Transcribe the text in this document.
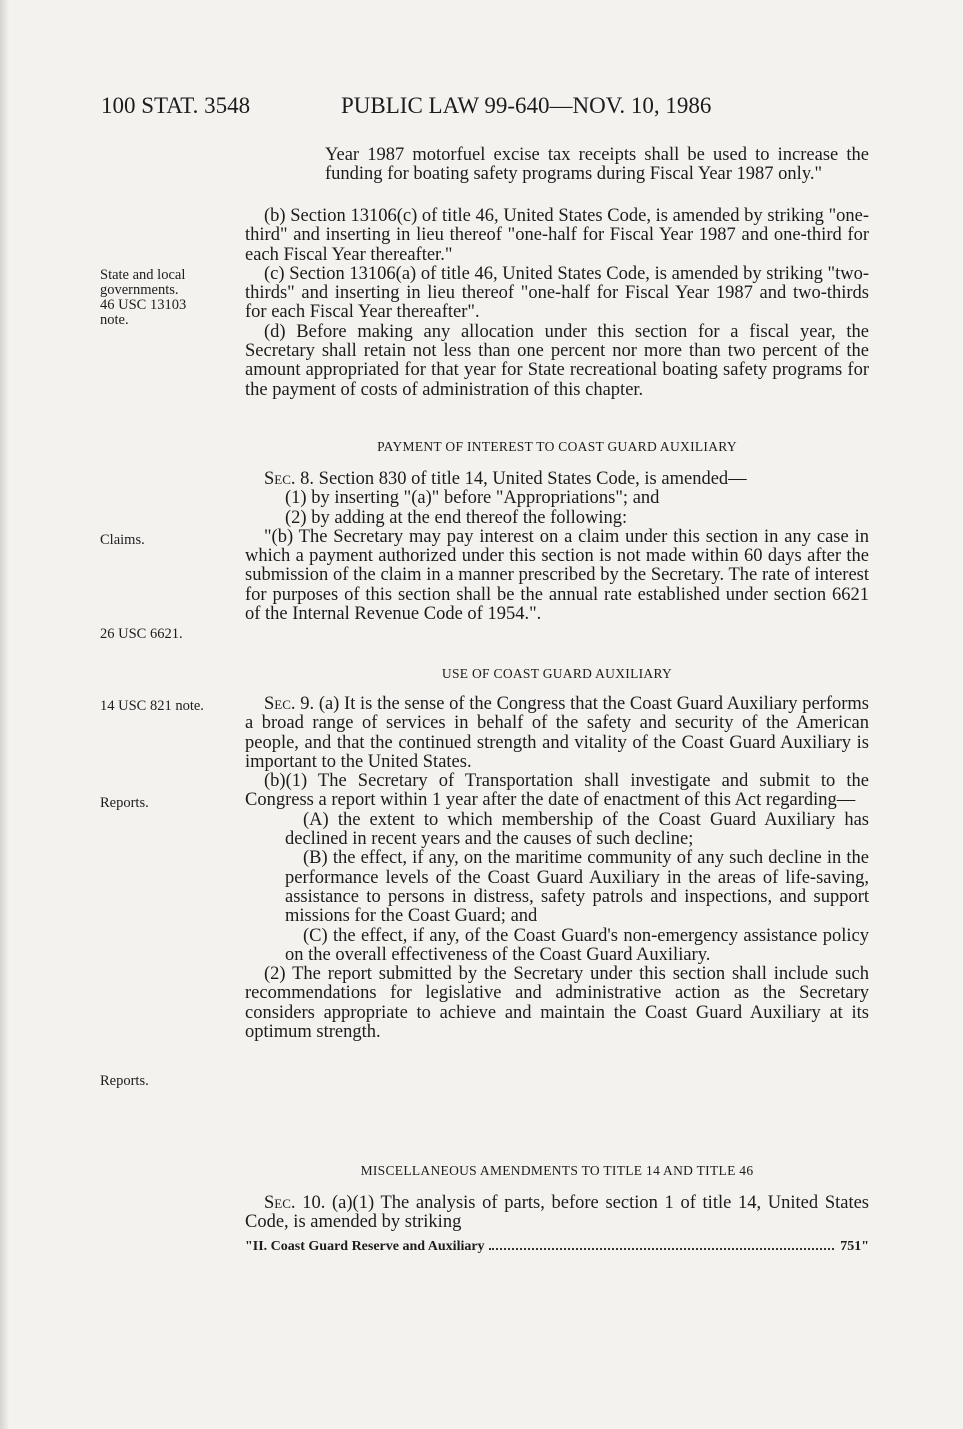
100 STAT. 3548	PUBLIC LAW 99-640—NOV. 10, 1986
State and local
governments.
46 USC 13103
note.
Claims.
26 USC 6621.
14 USC 821 note.
Reports.
Reports.

Year 1987 motorfuel excise tax receipts shall be used to increase the funding for boating safety programs during Fiscal Year 1987 only."

(b) Section 13106(c) of title 46, United States Code, is amended by striking "one-third" and inserting in lieu thereof "one-half for Fiscal Year 1987 and one-third for each Fiscal Year thereafter."

(c) Section 13106(a) of title 46, United States Code, is amended by striking "two-thirds" and inserting in lieu thereof "one-half for Fiscal Year 1987 and two-thirds for each Fiscal Year thereafter".

(d) Before making any allocation under this section for a fiscal year, the Secretary shall retain not less than one percent nor more than two percent of the amount appropriated for that year for State recreational boating safety programs for the payment of costs of administration of this chapter.

PAYMENT OF INTEREST TO COAST GUARD AUXILIARY

Sec. 8. Section 830 of title 14, United States Code, is amended—

(1) by inserting "(a)" before "Appropriations"; and

(2) by adding at the end thereof the following:

"(b) The Secretary may pay interest on a claim under this section in any case in which a payment authorized under this section is not made within 60 days after the submission of the claim in a manner prescribed by the Secretary. The rate of interest for purposes of this section shall be the annual rate established under section 6621 of the Internal Revenue Code of 1954.".

USE OF COAST GUARD AUXILIARY

Sec. 9. (a) It is the sense of the Congress that the Coast Guard Auxiliary performs a broad range of services in behalf of the safety and security of the American people, and that the continued strength and vitality of the Coast Guard Auxiliary is important to the United States.

(b)(1) The Secretary of Transportation shall investigate and submit to the Congress a report within 1 year after the date of enactment of this Act regarding—

(A) the extent to which membership of the Coast Guard Auxiliary has declined in recent years and the causes of such decline;

(B) the effect, if any, on the maritime community of any such decline in the performance levels of the Coast Guard Auxiliary in the areas of life-saving, assistance to persons in distress, safety patrols and inspections, and support missions for the Coast Guard; and

(C) the effect, if any, of the Coast Guard's non-emergency assistance policy on the overall effectiveness of the Coast Guard Auxiliary.

(2) The report submitted by the Secretary under this section shall include such recommendations for legislative and administrative action as the Secretary considers appropriate to achieve and maintain the Coast Guard Auxiliary at its optimum strength.

MISCELLANEOUS AMENDMENTS TO TITLE 14 AND TITLE 46

Sec. 10. (a)(1) The analysis of parts, before section 1 of title 14, United States Code, is amended by striking

"II. Coast Guard Reserve and Auxiliary	751"
